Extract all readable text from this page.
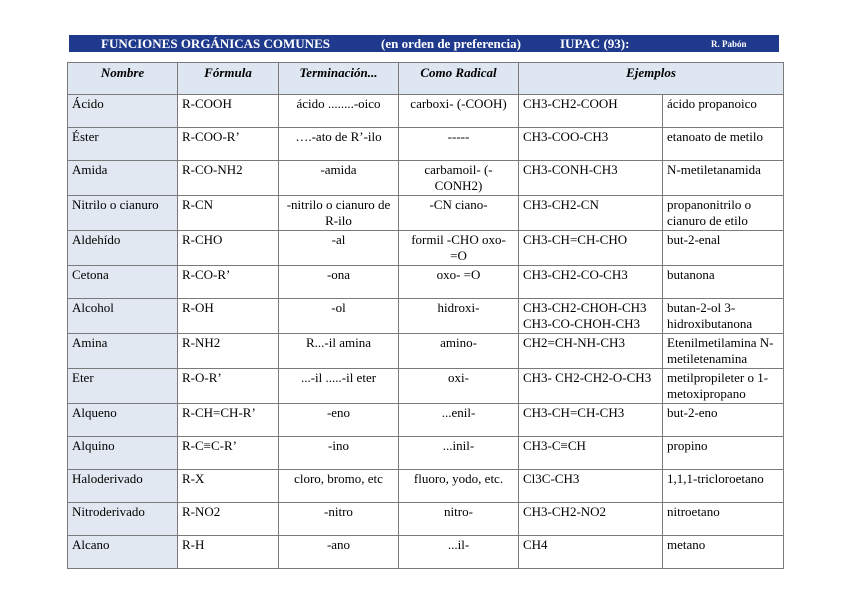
FUNCIONES ORGÁNICAS COMUNES	(en orden de preferencia)	IUPAC (93):	R. Pabón
Nombre	Fórmula	Terminación...	Como Radical	Ejemplos	
Ácido	R-COOH	ácido ........-oico	carboxi- (-COOH)	CH3-CH2-COOH	ácido propanoico
Éster	R-COO-R’	….-ato de R’-ilo	-----	CH3-COO-CH3	etanoato de metilo
Amida	R-CO-NH2	-amida	carbamoil- (-CONH2)	CH3-CONH-CH3	N-metiletanamida
Nitrilo o cianuro	R-CN	-nitrilo o cianuro de R-ilo	-CN ciano-	CH3-CH2-CN	propanonitrilo o cianuro de etilo
Aldehído	R-CHO	-al	formil -CHO oxo- =O	CH3-CH=CH-CHO	but-2-enal
Cetona	R-CO-R’	-ona	oxo- =O	CH3-CH2-CO-CH3	butanona
Alcohol	R-OH	-ol	hidroxi-	CH3-CH2-CHOH-CH3 CH3-CO-CHOH-CH3	butan-2-ol 3-hidroxibutanona
Amina	R-NH2	R...-il amina	amino-	CH2=CH-NH-CH3	Etenilmetilamina N-metiletenamina
Eter	R-O-R’	...-il .....-il eter	oxi-	CH3- CH2-CH2-O-CH3	metilpropileter o 1-metoxipropano
Alqueno	R-CH=CH-R’	-eno	...enil-	CH3-CH=CH-CH3	but-2-eno
Alquino	R-C≡C-R’	-ino	...inil-	CH3-C≡CH	propino
Haloderivado	R-X	cloro, bromo, etc	fluoro, yodo, etc.	Cl3C-CH3	1,1,1-tricloroetano
Nitroderivado	R-NO2	-nitro	nitro-	CH3-CH2-NO2	nitroetano
Alcano	R-H	-ano	...il-	CH4	metano
